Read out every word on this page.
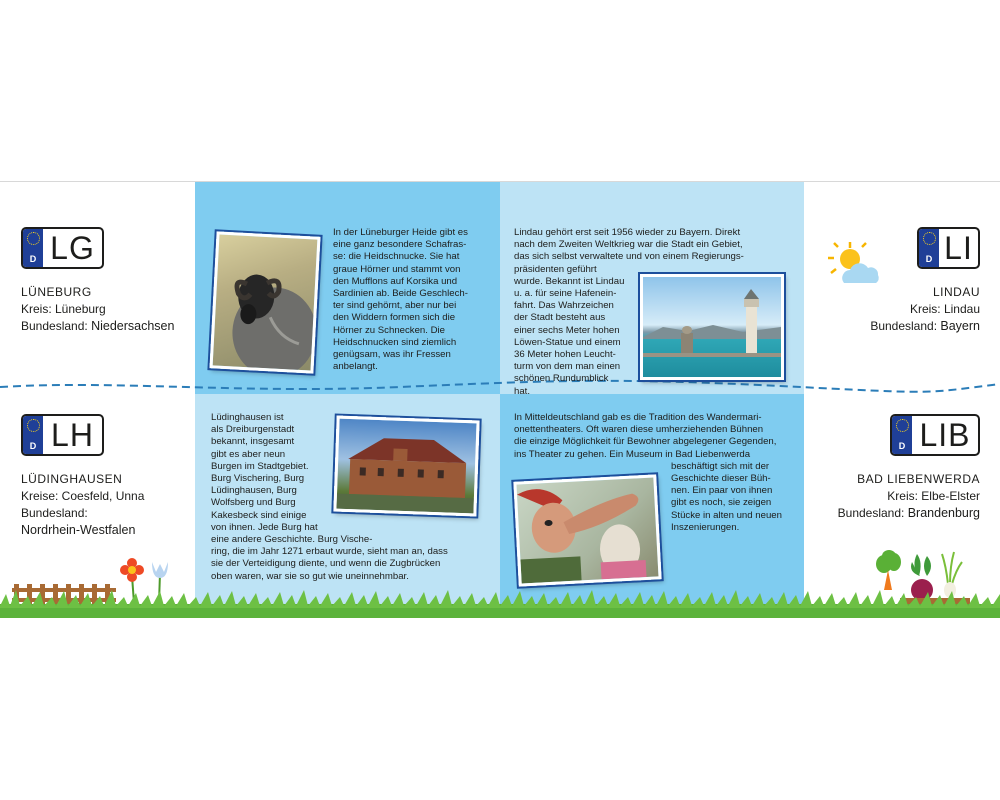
D LG
LÜNEBURG
Kreis: Lüneburg
Bundesland: Niedersachsen
D LH
LÜDINGHAUSEN
Kreise: Coesfeld, Unna
Bundesland:
Nordrhein-Westfalen
D LI
LINDAU
Kreis: Lindau
Bundesland: Bayern
D LIB
BAD LIEBENWERDA
Kreis: Elbe-Elster
Bundesland: Brandenburg
In der Lüneburger Heide gibt es
eine ganz besondere Schafras-
se: die Heidschnucke. Sie hat
graue Hörner und stammt von
den Mufflons auf Korsika und
Sardinien ab. Beide Geschlech-
ter sind gehörnt, aber nur bei
den Widdern formen sich die
Hörner zu Schnecken. Die
Heidschnucken sind ziemlich
genügsam, was ihr Fressen
anbelangt.
Lüdinghausen ist
als Dreiburgenstadt
bekannt, insgesamt
gibt es aber neun
Burgen im Stadtgebiet.
Burg Vischering, Burg
Lüdinghausen, Burg
Wolfsberg und Burg
Kakesbeck sind einige
von ihnen. Jede Burg hat
eine andere Geschichte. Burg Vische-
ring, die im Jahr 1271 erbaut wurde, sieht man an, dass
sie der Verteidigung diente, und wenn die Zugbrücken
oben waren, war sie so gut wie uneinnehmbar.
Lindau gehört erst seit 1956 wieder zu Bayern. Direkt
nach dem Zweiten Weltkrieg war die Stadt ein Gebiet,
das sich selbst verwaltete und von einem Regierungs-
präsidenten geführt
wurde. Bekannt ist Lindau
u. a. für seine Hafenein-
fahrt. Das Wahrzeichen
der Stadt besteht aus
einer sechs Meter hohen
Löwen-Statue und einem
36 Meter hohen Leucht-
turm von dem man einen
schönen Rundumblick
hat.
In Mitteldeutschland gab es die Tradition des Wandermari-
onettentheaters. Oft waren diese umherziehenden Bühnen
die einzige Möglichkeit für Bewohner abgelegener Gegenden,
ins Theater zu gehen. Ein Museum in Bad Liebenwerda
beschäftigt sich mit der
Geschichte dieser Büh-
nen. Ein paar von ihnen
gibt es noch, sie zeigen
Stücke in alten und neuen
Inszenierungen.
